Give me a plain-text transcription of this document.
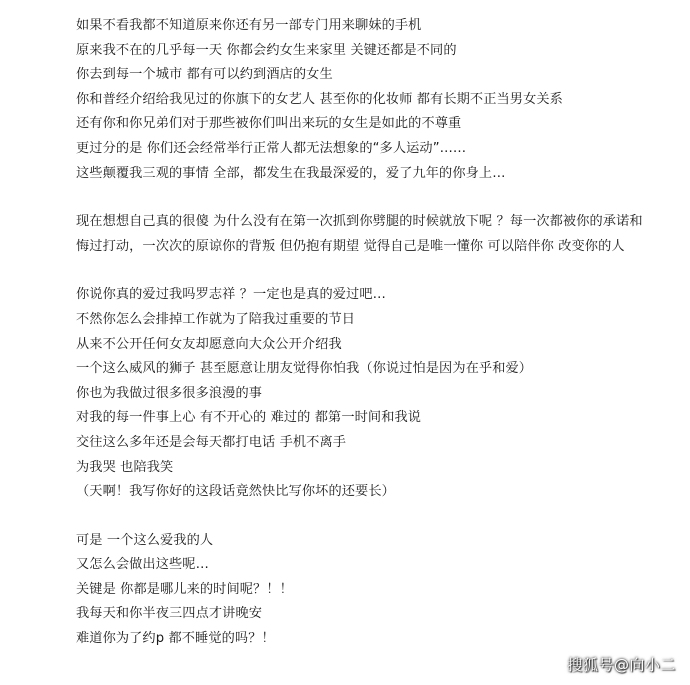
如果不看我都不知道原来你还有另一部专门用来聊妹的手机
原来我不在的几乎每一天 你都会约女生来家里 关键还都是不同的
你去到每一个城市 都有可以约到酒店的女生
你和普经介绍给我见过的你旗下的女艺人 甚至你的化妆师 都有长期不正当男女关系
还有你和你兄弟们对于那些被你们叫出来玩的女生是如此的不尊重
更过分的是 你们还会经常举行正常人都无法想象的“多人运动”……
这些颠覆我三观的事情 全部，都发生在我最深爱的，爱了九年的你身上…
现在想想自己真的很傻 为什么没有在第一次抓到你劈腿的时候就放下呢 ？每一次都被你的承诺和
悔过打动，一次次的原谅你的背叛 但仍抱有期望 觉得自己是唯一懂你 可以陪伴你 改变你的人
你说你真的爱过我吗罗志祥 ？一定也是真的爱过吧…
不然你怎么会排掉工作就为了陪我过重要的节日
从来不公开任何女友却愿意向大众公开介绍我
一个这么威风的狮子 甚至愿意让朋友觉得你怕我（你说过怕是因为在乎和爱）
你也为我做过很多很多浪漫的事
对我的每一件事上心 有不开心的 难过的 都第一时间和我说
交往这么多年还是会每天都打电话 手机不离手
为我哭 也陪我笑
（天啊！我写你好的这段话竟然快比写你坏的还要长）
可是 一个这么爱我的人
又怎么会做出这些呢…
关键是 你都是哪儿来的时间呢？！！
我每天和你半夜三四点才讲晚安
难道你为了约p 都不睡觉的吗？！
搜狐号@向小二
